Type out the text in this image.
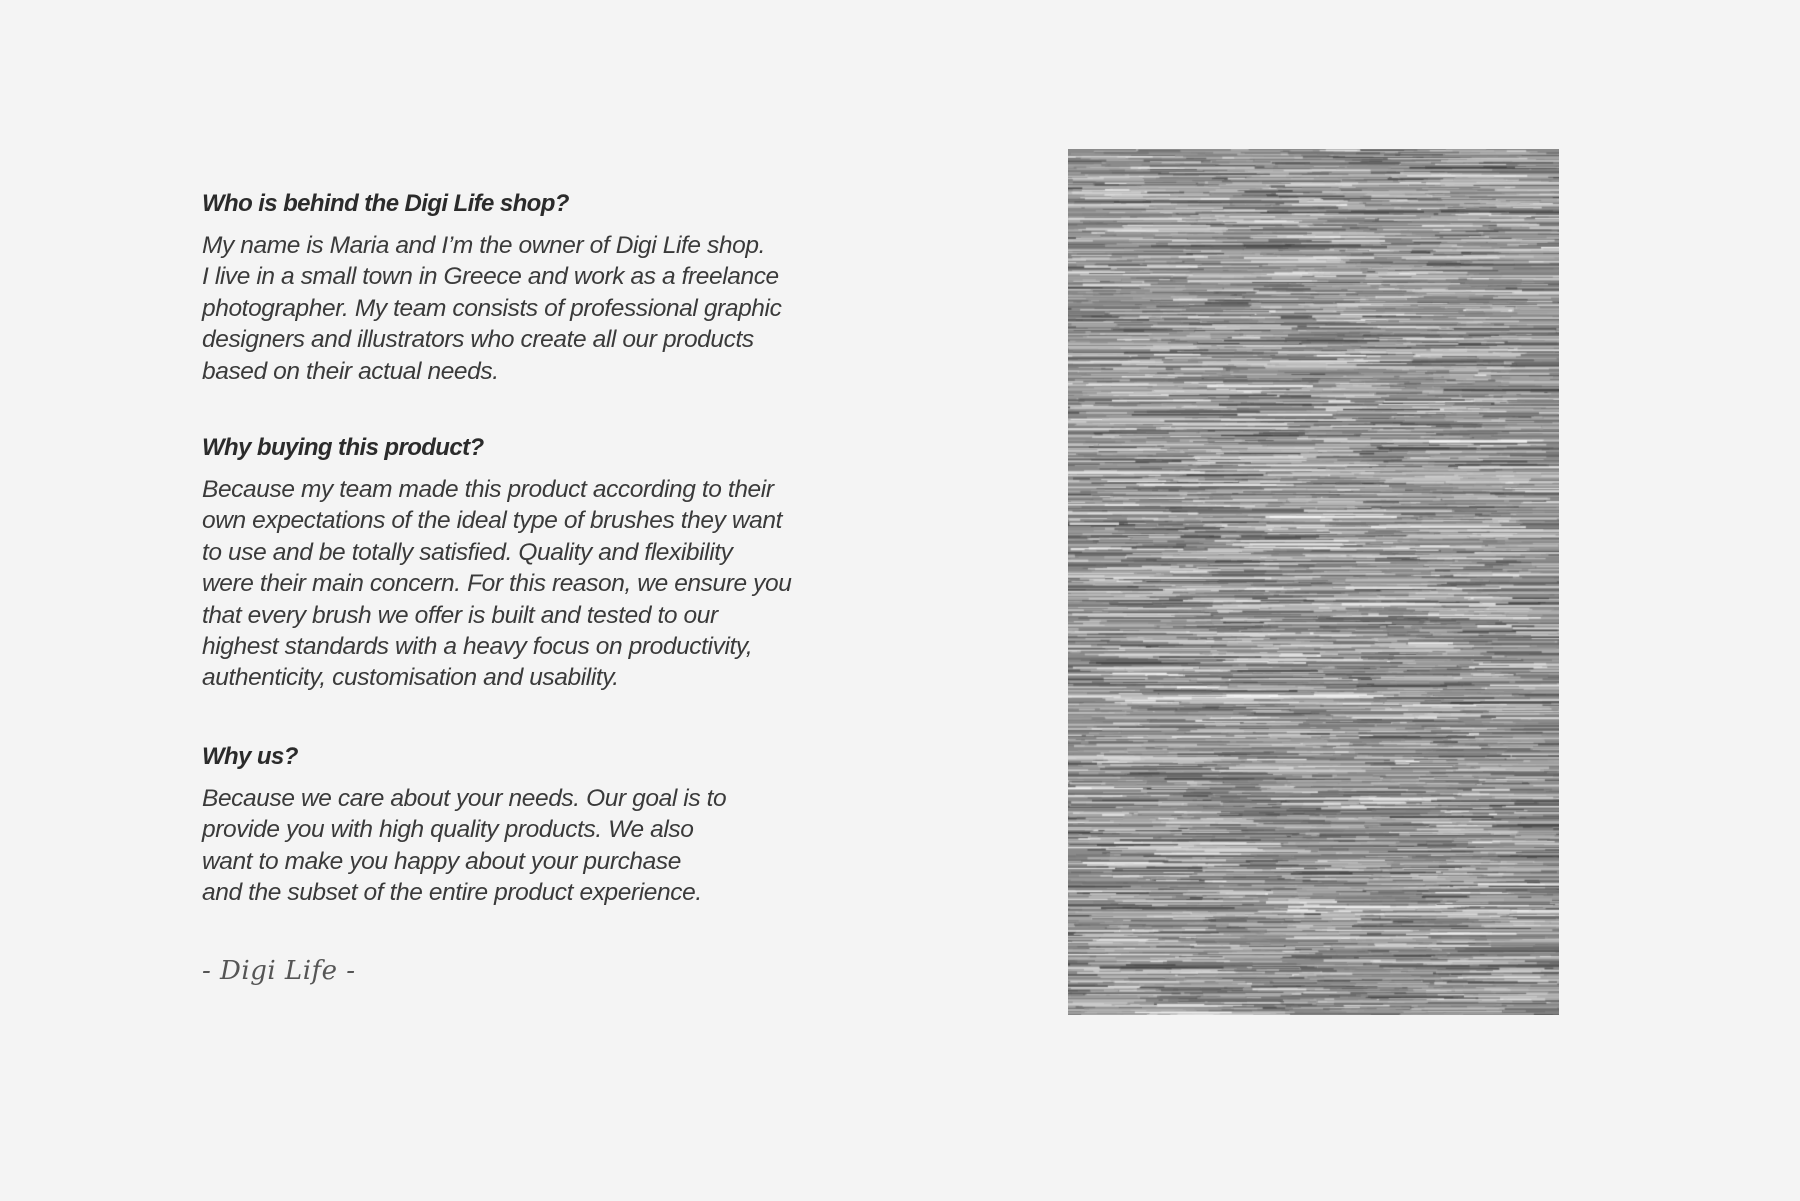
Who is behind the Digi Life shop?

My name is Maria and I’m the owner of Digi Life shop.
I live in a small town in Greece and work as a freelance
photographer. My team consists of professional graphic
designers and illustrators who create all our products
based on their actual needs.

Why buying this product?

Because my team made this product according to their
own expectations of the ideal type of brushes they want
to use and be totally satisfied. Quality and flexibility
were their main concern. For this reason, we ensure you
that every brush we offer is built and tested to our
highest standards with a heavy focus on productivity,
authenticity, customisation and usability.

Why us?

Because we care about your needs. Our goal is to
provide you with high quality products. We also
want to make you happy about your purchase
and the subset of the entire product experience.

- Digi Life -
